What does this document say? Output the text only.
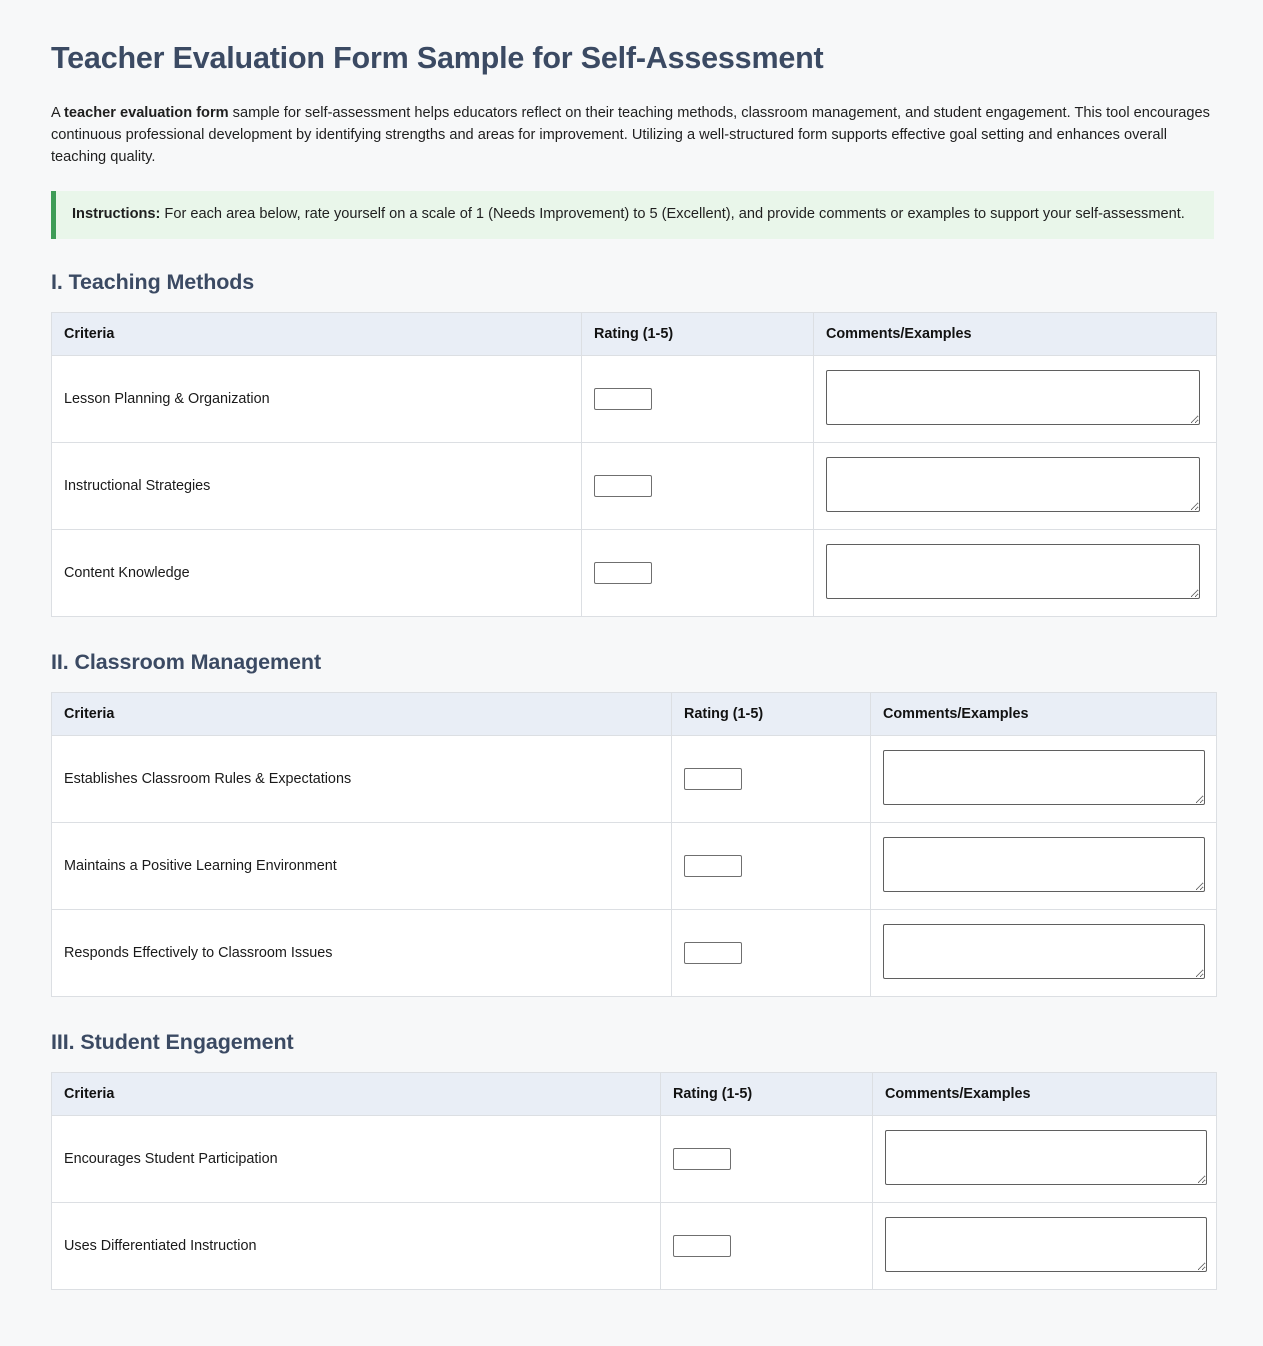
Teacher Evaluation Form Sample for Self-Assessment

A teacher evaluation form sample for self-assessment helps educators reflect on their teaching methods, classroom management, and student engagement. This tool encourages continuous professional development by identifying strengths and areas for improvement. Utilizing a well-structured form supports effective goal setting and enhances overall teaching quality.

Instructions: For each area below, rate yourself on a scale of 1 (Needs Improvement) to 5 (Excellent), and provide comments or examples to support your self-assessment.
I. Teaching Methods
Criteria	Rating (1-5)	Comments/Examples
Lesson Planning & Organization		

Instructional Strategies		

Content Knowledge		
II. Classroom Management
Criteria	Rating (1-5)	Comments/Examples
Establishes Classroom Rules & Expectations		

Maintains a Positive Learning Environment		

Responds Effectively to Classroom Issues		
III. Student Engagement
Criteria	Rating (1-5)	Comments/Examples
Encourages Student Participation		

Uses Differentiated Instruction		
